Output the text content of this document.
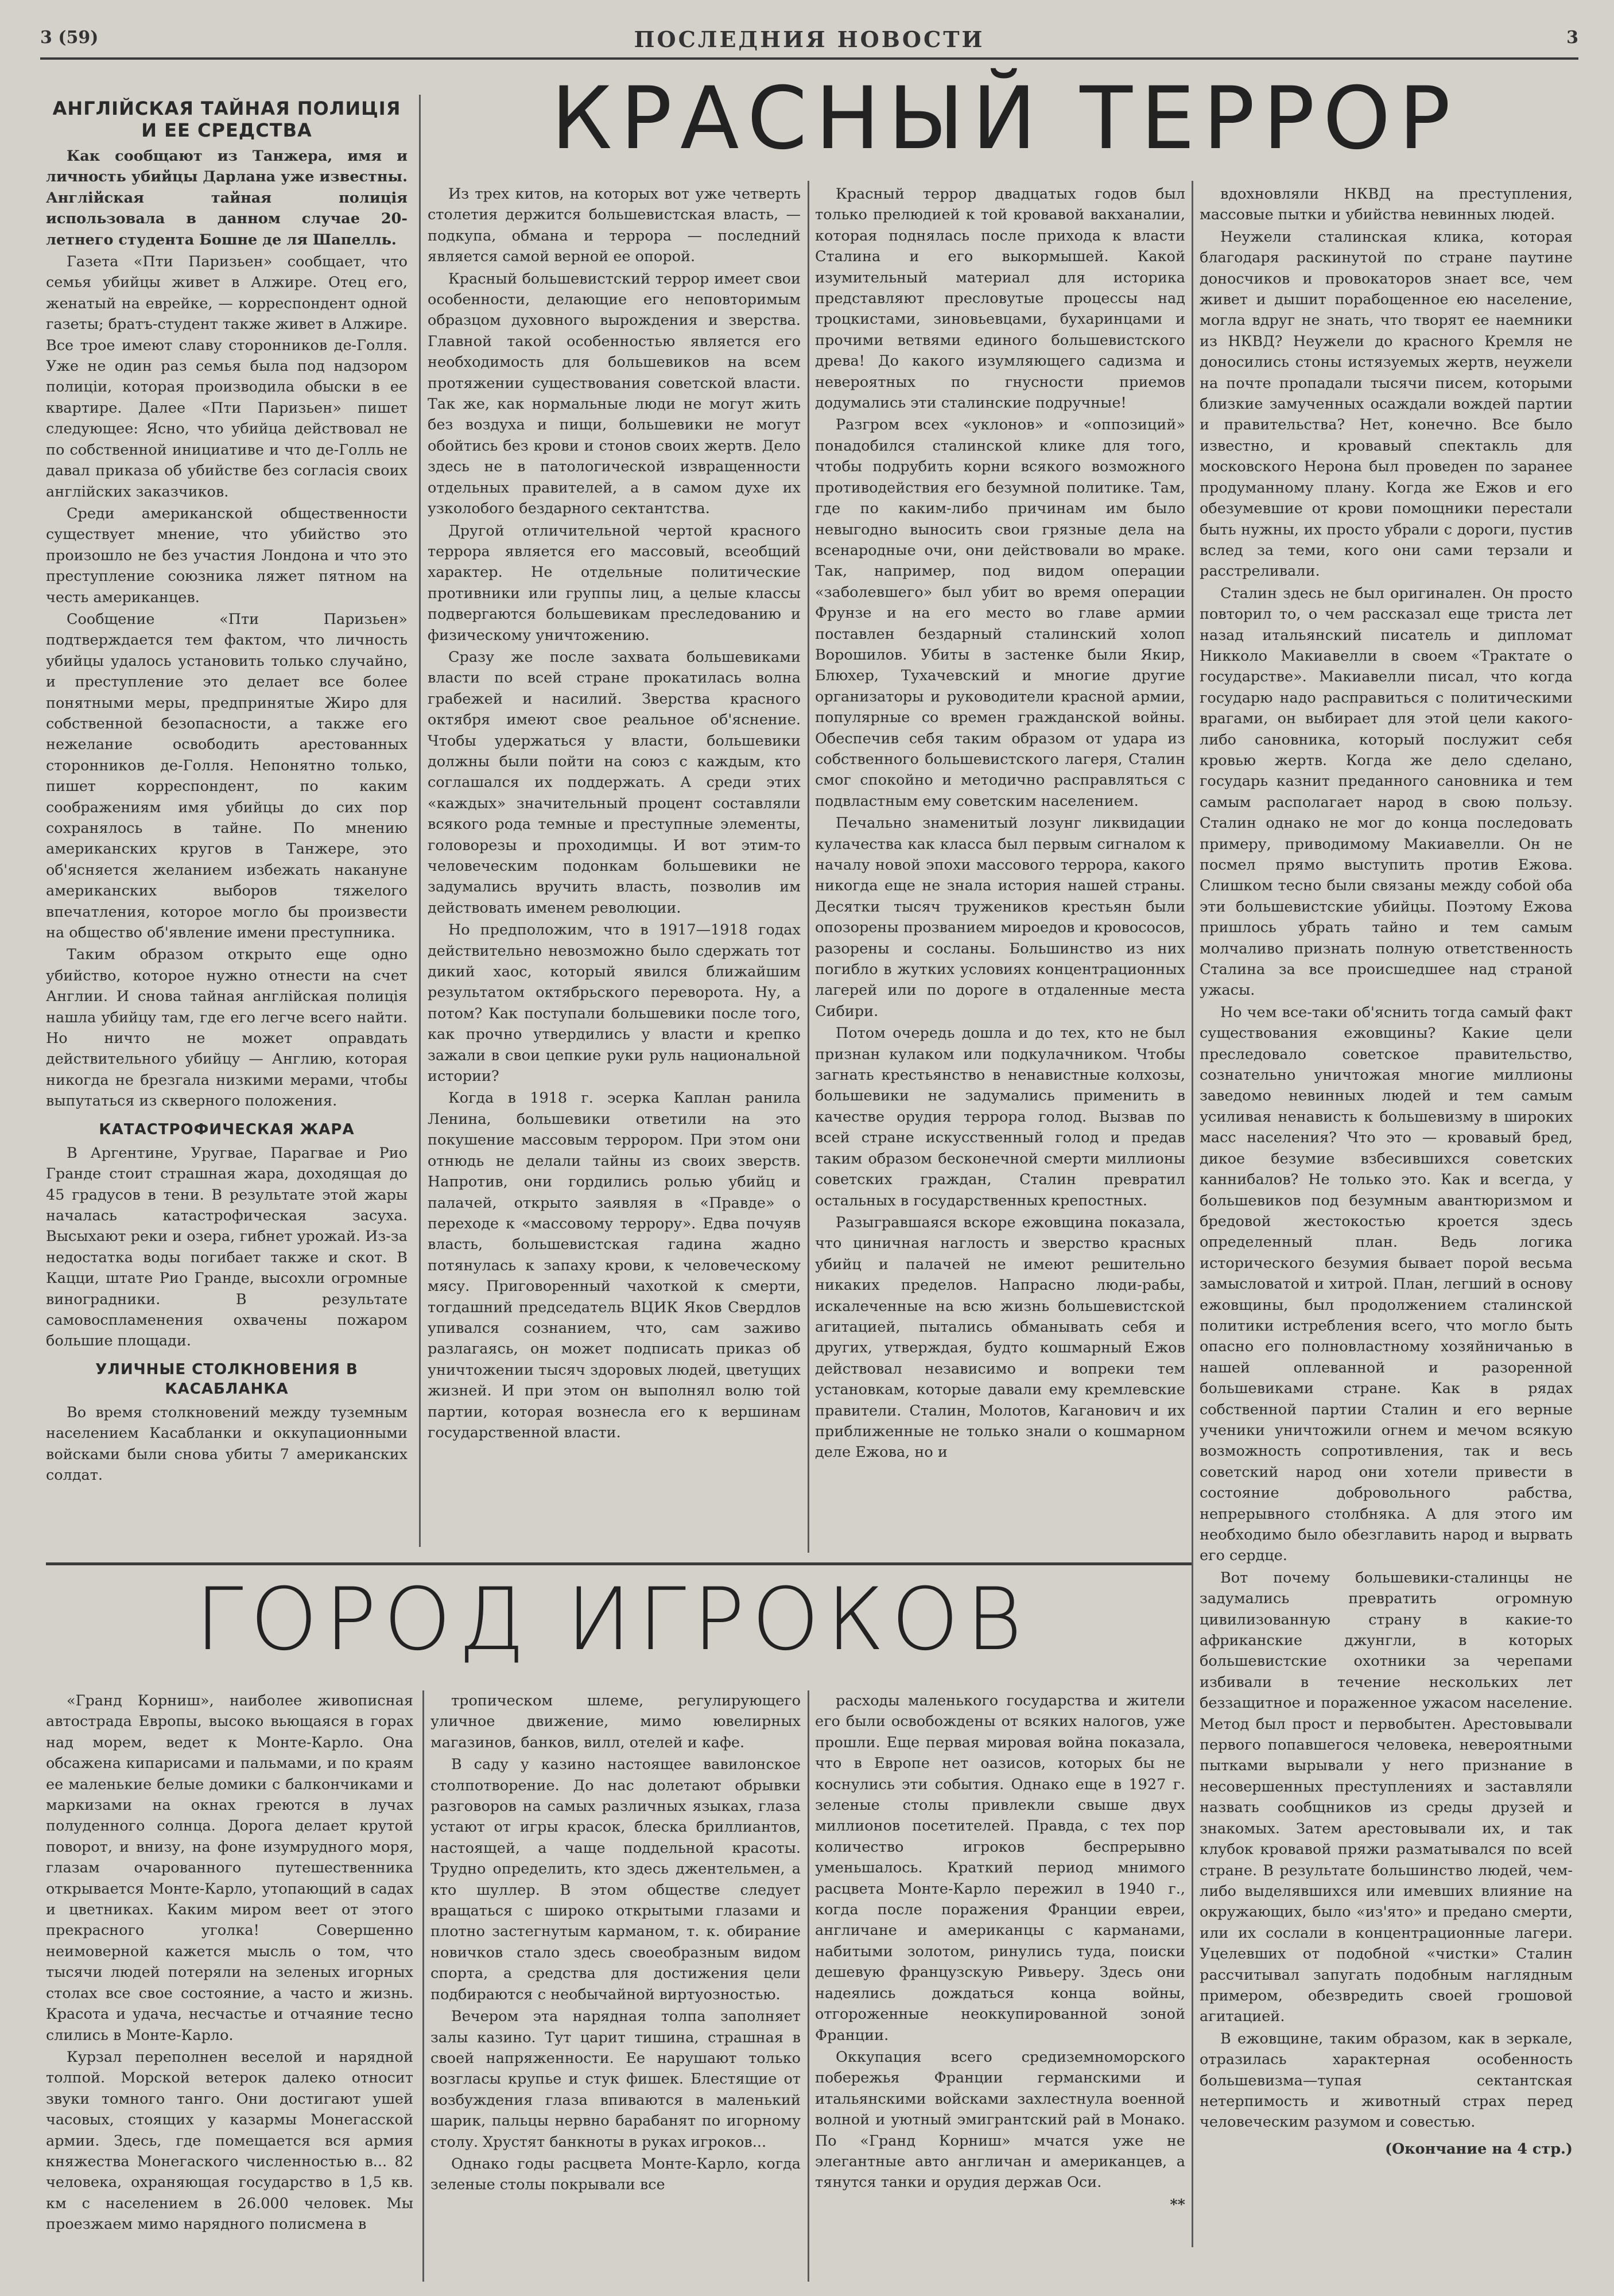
3 (59)	ПОСЛЕДНИЯ НОВОСТИ	3
АНГЛІЙСКАЯ ТАЙНАЯ ПОЛИЦІЯ И ЕЕ СРЕДСТВА

Как сообщают из Танжера, имя и личность убийцы Дарлана уже известны. Англійская тайная полиція использовала в данном случае 20-летнего студента Бошне де ля Шапелль.

Газета «Пти Паризьен» сообщает, что семья убийцы живет в Алжире. Отец его, женатый на еврейке, — корреспондент одной газеты; братъ-студент также живет в Алжире. Все трое имеют славу сторонников де-Голля. Уже не один раз семья была под надзором полиціи, которая производила обыски в ее квартире. Далее «Пти Паризьен» пишет следующее: Ясно, что убийца действовал не по собственной инициативе и что де-Голль не давал приказа об убийстве без согласія своих англійских заказчиков.

Среди американской общественности существует мнение, что убийство это произошло не без участия Лондона и что это преступление союзника ляжет пятном на честь американцев.

Сообщение «Пти Паризьен» подтверждается тем фактом, что личность убийцы удалось установить только случайно, и преступление это делает все более понятными меры, предпринятые Жиро для собственной безопасности, а также его нежелание освободить арестованных сторонников де-Голля. Непонятно только, пишет корреспондент, по каким соображениям имя убийцы до сих пор сохранялось в тайне. По мнению американских кругов в Танжере, это об'ясняется желанием избежать накануне американских выборов тяжелого впечатления, которое могло бы произвести на общество об'явление имени преступника.

Таким образом открыто еще одно убийство, которое нужно отнести на счет Англии. И снова тайная англійская полиція нашла убийцу там, где его легче всего найти. Но ничто не может оправдать действительного убийцу — Англию, которая никогда не брезгала низкими мерами, чтобы выпутаться из скверного положения.

КАТАСТРОФИЧЕСКАЯ ЖАРА

В Аргентине, Уругвае, Парагвае и Рио Гранде стоит страшная жара, доходящая до 45 градусов в тени. В результате этой жары началась катастрофическая засуха. Высыхают реки и озера, гибнет урожай. Из-за недостатка воды погибает также и скот. В Кацци, штате Рио Гранде, высохли огромные виноградники. В результате самовоспламенения охвачены пожаром большие площади.

УЛИЧНЫЕ СТОЛКНОВЕНИЯ В КАСАБЛАНКА

Во время столкновений между туземным населением Касабланки и оккупационными войсками были снова убиты 7 американских солдат.

КРАСНЫЙ ТЕРРОР

Из трех китов, на которых вот уже четверть столетия держится большевистская власть, — подкупа, обмана и террора — последний является самой верной ее опорой.

Красный большевистский террор имеет свои особенности, делающие его неповторимым образцом духовного вырождения и зверства. Главной такой особенностью является его необходимость для большевиков на всем протяжении существования советской власти. Так же, как нормальные люди не могут жить без воздуха и пищи, большевики не могут обойтись без крови и стонов своих жертв. Дело здесь не в патологической извращенности отдельных правителей, а в самом духе их узколобого бездарного сектантства.

Другой отличительной чертой красного террора является его массовый, всеобщий характер. Не отдельные политические противники или группы лиц, а целые классы подвергаются большевикам преследованию и физическому уничтожению.

Сразу же после захвата большевиками власти по всей стране прокатилась волна грабежей и насилий. Зверства красного октября имеют свое реальное об'яснение. Чтобы удержаться у власти, большевики должны были пойти на союз с каждым, кто соглашался их поддержать. А среди этих «каждых» значительный процент составляли всякого рода темные и преступные элементы, головорезы и проходимцы. И вот этим-то человеческим подонкам большевики не задумались вручить власть, позволив им действовать именем революции.

Но предположим, что в 1917—1918 годах действительно невозможно было сдержать тот дикий хаос, который явился ближайшим результатом октябрьского переворота. Ну, а потом? Как поступали большевики после того, как прочно утвердились у власти и крепко зажали в свои цепкие руки руль национальной истории?

Когда в 1918 г. эсерка Каплан ранила Ленина, большевики ответили на это покушение массовым террором. При этом они отнюдь не делали тайны из своих зверств. Напротив, они гордились ролью убийц и палачей, открыто заявляя в «Правде» о переходе к «массовому террору». Едва почуяв власть, большевистская гадина жадно потянулась к запаху крови, к человеческому мясу. Приговоренный чахоткой к смерти, тогдашний председатель ВЦИК Яков Свердлов упивался сознанием, что, сам заживо разлагаясь, он может подписать приказ об уничтожении тысяч здоровых людей, цветущих жизней. И при этом он выполнял волю той партии, которая вознесла его к вершинам государственной власти.

Красный террор двадцатых годов был только прелюдией к той кровавой вакханалии, которая поднялась после прихода к власти Сталина и его выкормышей. Какой изумительный материал для историка представляют пресловутые процессы над троцкистами, зиновьевцами, бухаринцами и прочими ветвями единого большевистского древа! До какого изумляющего садизма и невероятных по гнусности приемов додумались эти сталинские подручные!

Разгром всех «уклонов» и «оппозиций» понадобился сталинской клике для того, чтобы подрубить корни всякого возможного противодействия его безумной политике. Там, где по каким-либо причинам им было невыгодно выносить свои грязные дела на всенародные очи, они действовали во мраке. Так, например, под видом операции «заболевшего» был убит во время операции Фрунзе и на его место во главе армии поставлен бездарный сталинский холоп Ворошилов. Убиты в застенке были Якир, Блюхер, Тухачевский и многие другие организаторы и руководители красной армии, популярные со времен гражданской войны. Обеспечив себя таким образом от удара из собственного большевистского лагеря, Сталин смог спокойно и методично расправляться с подвластным ему советским населением.

Печально знаменитый лозунг ликвидации кулачества как класса был первым сигналом к началу новой эпохи массового террора, какого никогда еще не знала история нашей страны. Десятки тысяч тружеников крестьян были опозорены прозванием мироедов и кровососов, разорены и сосланы. Большинство из них погибло в жутких условиях концентрационных лагерей или по дороге в отдаленные места Сибири.

Потом очередь дошла и до тех, кто не был признан кулаком или подкулачником. Чтобы загнать крестьянство в ненавистные колхозы, большевики не задумались применить в качестве орудия террора голод. Вызвав по всей стране искусственный голод и предав таким образом бесконечной смерти миллионы советских граждан, Сталин превратил остальных в государственных крепостных.

Разыгравшаяся вскоре ежовщина показала, что циничная наглость и зверство красных убийц и палачей не имеют решительно никаких пределов. Напрасно люди-рабы, искалеченные на всю жизнь большевистской агитацией, пытались обманывать себя и других, утверждая, будто кошмарный Ежов действовал независимо и вопреки тем установкам, которые давали ему кремлевские правители. Сталин, Молотов, Каганович и их приближенные не только знали о кошмарном деле Ежова, но и

вдохновляли НКВД на преступления, массовые пытки и убийства невинных людей.

Неужели сталинская клика, которая благодаря раскинутой по стране паутине доносчиков и провокаторов знает все, чем живет и дышит порабощенное ею население, могла вдруг не знать, что творят ее наемники из НКВД? Неужели до красного Кремля не доносились стоны истязуемых жертв, неужели на почте пропадали тысячи писем, которыми близкие замученных осаждали вождей партии и правительства? Нет, конечно. Все было известно, и кровавый спектакль для московского Нерона был проведен по заранее продуманному плану. Когда же Ежов и его обезумевшие от крови помощники перестали быть нужны, их просто убрали с дороги, пустив вслед за теми, кого они сами терзали и расстреливали.

Сталин здесь не был оригинален. Он просто повторил то, о чем рассказал еще триста лет назад итальянский писатель и дипломат Никколо Макиавелли в своем «Трактате о государстве». Макиавелли писал, что когда государю надо расправиться с политическими врагами, он выбирает для этой цели какого-либо сановника, который послужит себя кровью жертв. Когда же дело сделано, государь казнит преданного сановника и тем самым располагает народ в свою пользу. Сталин однако не мог до конца последовать примеру, приводимому Макиавелли. Он не посмел прямо выступить против Ежова. Слишком тесно были связаны между собой оба эти большевистские убийцы. Поэтому Ежова пришлось убрать тайно и тем самым молчаливо признать полную ответственность Сталина за все происшедшее над страной ужасы.

Но чем все-таки об'яснить тогда самый факт существования ежовщины? Какие цели преследовало советское правительство, сознательно уничтожая многие миллионы заведомо невинных людей и тем самым усиливая ненависть к большевизму в широких масс населения? Что это — кровавый бред, дикое безумие взбесившихся советских каннибалов? Не только это. Как и всегда, у большевиков под безумным авантюризмом и бредовой жестокостью кроется здесь определенный план. Ведь логика исторического безумия бывает порой весьма замысловатой и хитрой. План, легший в основу ежовщины, был продолжением сталинской политики истребления всего, что могло быть опасно его полновластному хозяйничанью в нашей оплеванной и разоренной большевиками стране. Как в рядах собственной партии Сталин и его верные ученики уничтожили огнем и мечом всякую возможность сопротивления, так и весь советский народ они хотели привести в состояние добровольного рабства, непрерывного столбняка. А для этого им необходимо было обезглавить народ и вырвать его сердце.

Вот почему большевики-сталинцы не задумались превратить огромную цивилизованную страну в какие-то африканские джунгли, в которых большевистские охотники за черепами избивали в течение нескольких лет беззащитное и пораженное ужасом население. Метод был прост и первобытен. Арестовывали первого попавшегося человека, невероятными пытками вырывали у него признание в несовершенных преступлениях и заставляли назвать сообщников из среды друзей и знакомых. Затем арестовывали их, и так клубок кровавой пряжи разматывался по всей стране. В результате большинство людей, чем-либо выделявшихся или имевших влияние на окружающих, было «из'ято» и предано смерти, или их сослали в концентрационные лагери. Уцелевших от подобной «чистки» Сталин рассчитывал запугать подобным наглядным примером, обезвредить своей грошовой агитацией.

В ежовщине, таким образом, как в зеркале, отразилась характерная особенность большевизма—тупая сектантская нетерпимость и животный страх перед человеческим разумом и совестью.

(Окончание на 4 стр.)
ГОРОД ИГРОКОВ

«Гранд Корниш», наиболее живописная автострада Европы, высоко вьющаяся в горах над морем, ведет к Монте-Карло. Она обсажена кипарисами и пальмами, и по краям ее маленькие белые домики с балкончиками и маркизами на окнах греются в лучах полуденного солнца. Дорога делает крутой поворот, и внизу, на фоне изумрудного моря, глазам очарованного путешественника открывается Монте-Карло, утопающий в садах и цветниках. Каким миром веет от этого прекрасного уголка! Совершенно неимоверной кажется мысль о том, что тысячи людей потеряли на зеленых игорных столах все свое состояние, а часто и жизнь. Красота и удача, несчастье и отчаяние тесно слились в Монте-Карло.

Курзал переполнен веселой и нарядной толпой. Морской ветерок далеко относит звуки томного танго. Они достигают ушей часовых, стоящих у казармы Монегасской армии. Здесь, где помещается вся армия княжества Монегаского численностью в... 82 человека, охраняющая государство в 1,5 кв. км с населением в 26.000 человек. Мы проезжаем мимо нарядного полисмена в

тропическом шлеме, регулирующего уличное движение, мимо ювелирных магазинов, банков, вилл, отелей и кафе.

В саду у казино настоящее вавилонское столпотворение. До нас долетают обрывки разговоров на самых различных языках, глаза устают от игры красок, блеска бриллиантов, настоящей, а чаще поддельной красоты. Трудно определить, кто здесь джентельмен, а кто шуллер. В этом обществе следует вращаться с широко открытыми глазами и плотно застегнутым карманом, т. к. обирание новичков стало здесь своеобразным видом спорта, а средства для достижения цели подбираются с необычайной виртуозностью.

Вечером эта нарядная толпа заполняет залы казино. Тут царит тишина, страшная в своей напряженности. Ее нарушают только возгласы крупье и стук фишек. Блестящие от возбуждения глаза впиваются в маленький шарик, пальцы нервно барабанят по игорному столу. Хрустят банкноты в руках игроков...

Однако годы расцвета Монте-Карло, когда зеленые столы покрывали все

расходы маленького государства и жители его были освобождены от всяких налогов, уже прошли. Еще первая мировая война показала, что в Европе нет оазисов, которых бы не коснулись эти события. Однако еще в 1927 г. зеленые столы привлекли свыше двух миллионов посетителей. Правда, с тех пор количество игроков беспрерывно уменьшалось. Краткий период мнимого расцвета Монте-Карло пережил в 1940 г., когда после поражения Франции евреи, англичане и американцы с карманами, набитыми золотом, ринулись туда, поиски дешевую французскую Ривьеру. Здесь они надеялись дождаться конца войны, отгороженные неоккупированной зоной Франции.

Оккупация всего средиземноморского побережья Франции германскими и итальянскими войсками захлестнула военной волной и уютный эмигрантский рай в Монако. По «Гранд Корниш» мчатся уже не элегантные авто англичан и американцев, а тянутся танки и орудия держав Оси.

**
